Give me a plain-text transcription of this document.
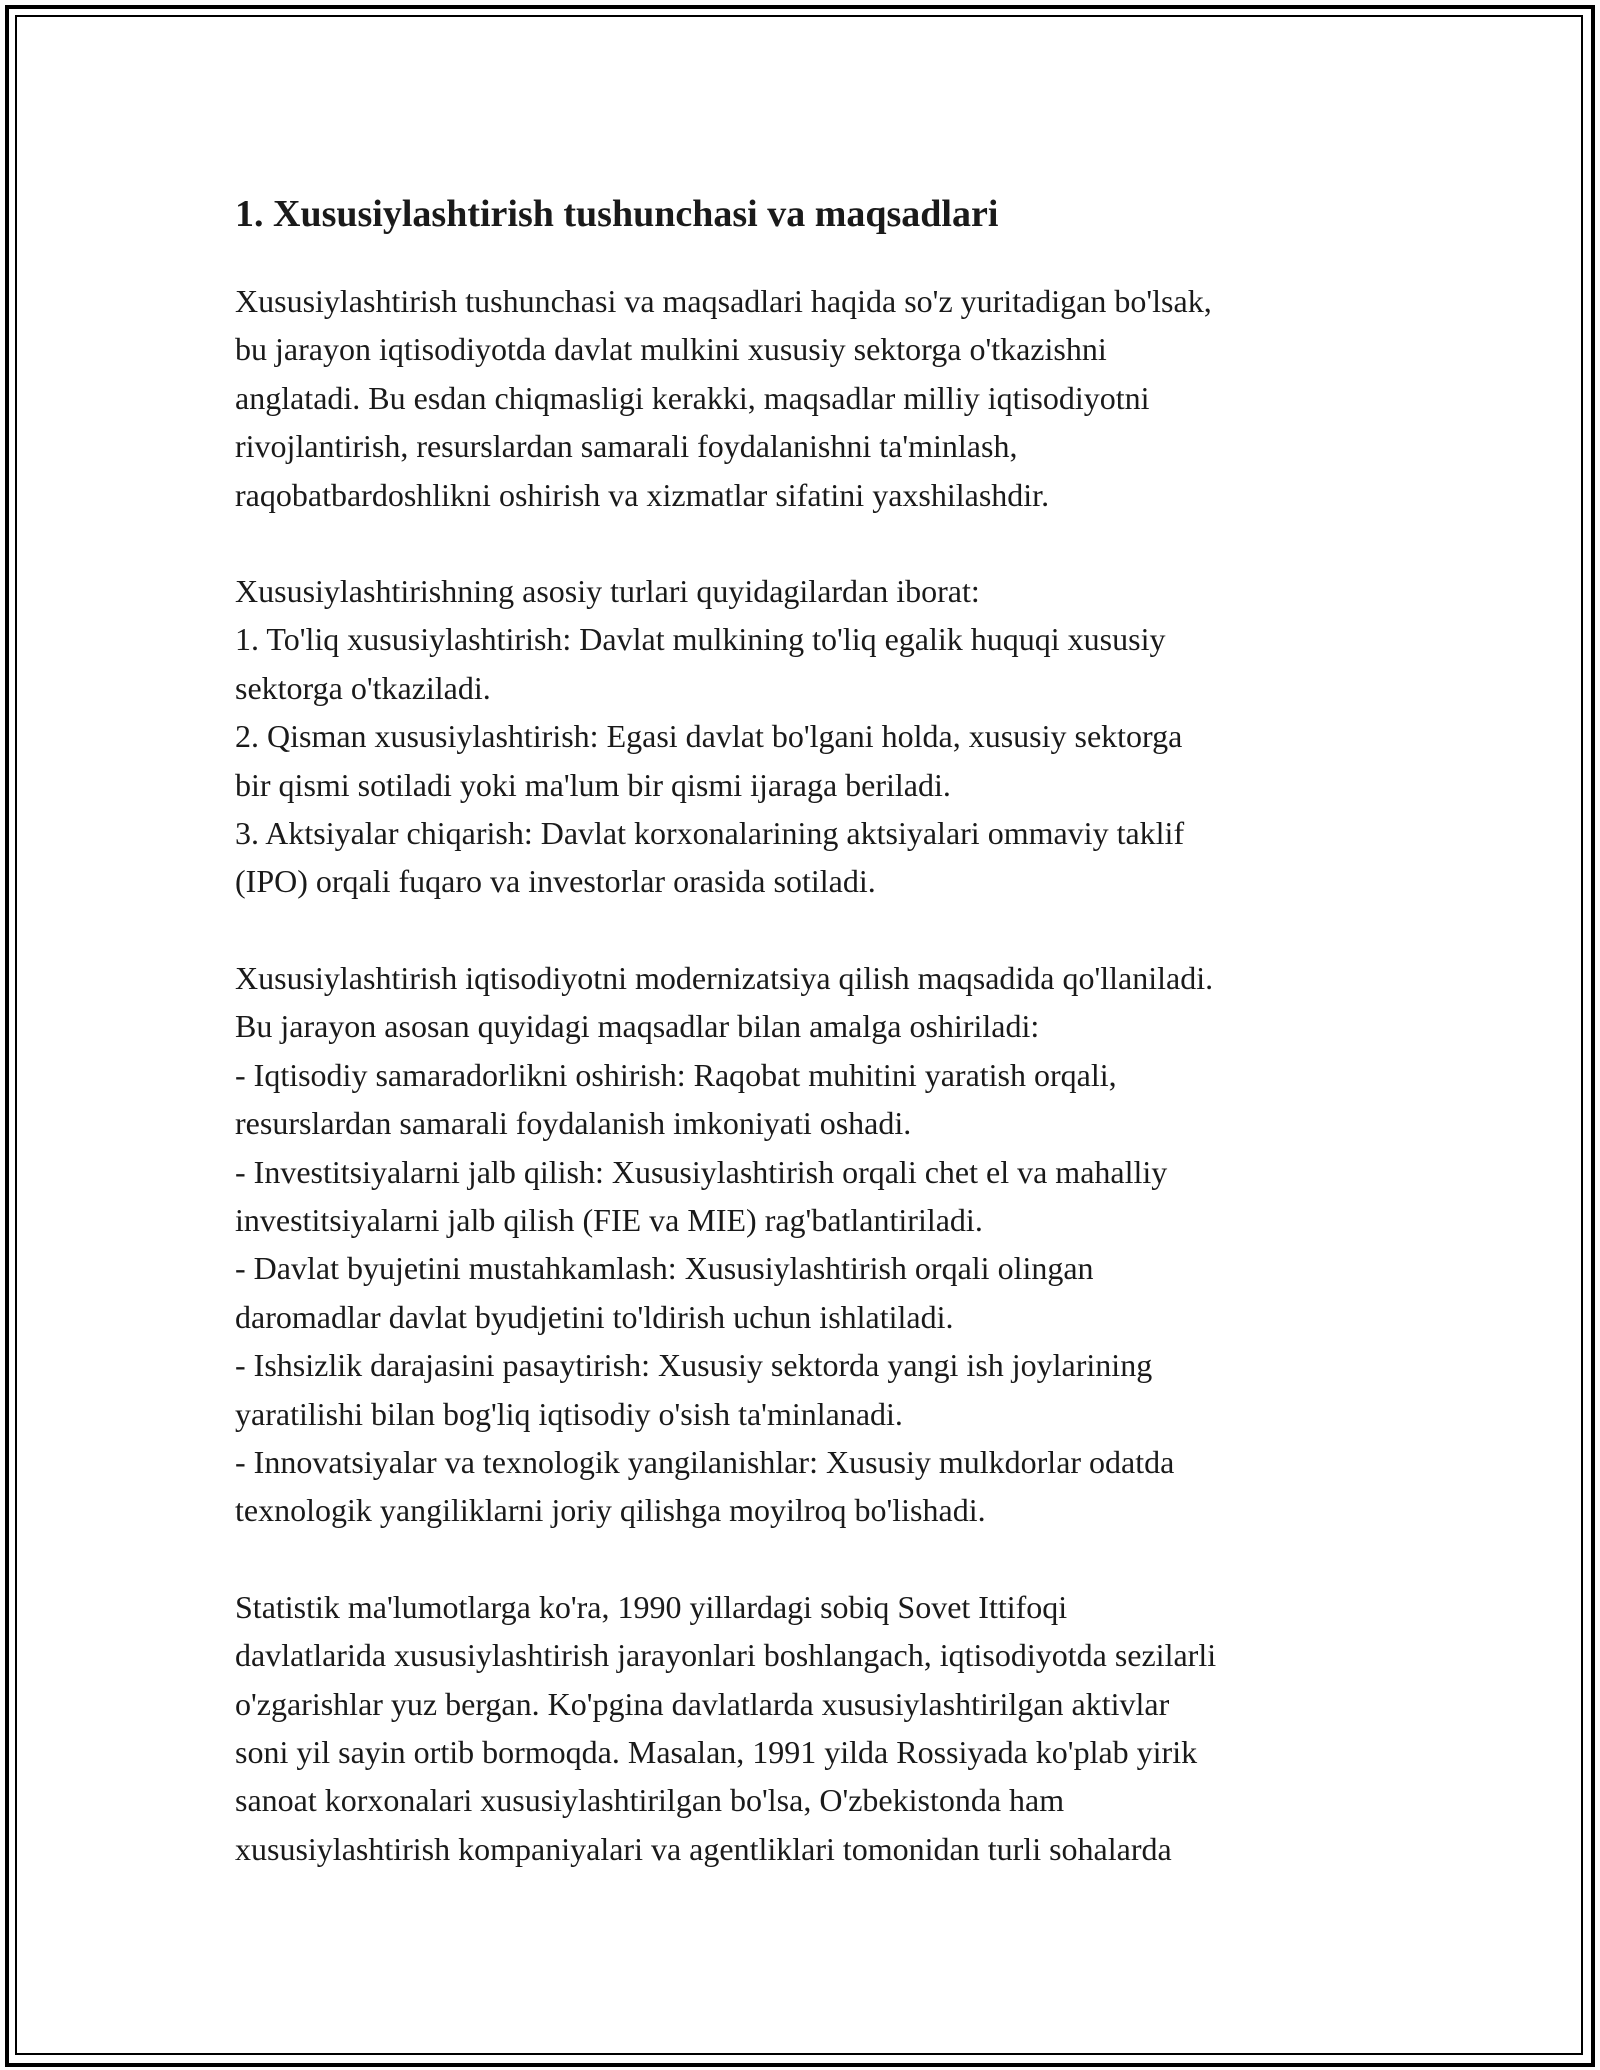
1. Xususiylashtirish tushunchasi va maqsadlari
Xususiylashtirish tushunchasi va maqsadlari haqida so'z yuritadigan bo'lsak,
bu jarayon iqtisodiyotda davlat mulkini xususiy sektorga o'tkazishni
anglatadi. Bu esdan chiqmasligi kerakki, maqsadlar milliy iqtisodiyotni
rivojlantirish, resurslardan samarali foydalanishni ta'minlash,
raqobatbardoshlikni oshirish va xizmatlar sifatini yaxshilashdir.
Xususiylashtirishning asosiy turlari quyidagilardan iborat:
1. To'liq xususiylashtirish: Davlat mulkining to'liq egalik huquqi xususiy
sektorga o'tkaziladi.
2. Qisman xususiylashtirish: Egasi davlat bo'lgani holda, xususiy sektorga
bir qismi sotiladi yoki ma'lum bir qismi ijaraga beriladi.
3. Aktsiyalar chiqarish: Davlat korxonalarining aktsiyalari ommaviy taklif
(IPO) orqali fuqaro va investorlar orasida sotiladi.
Xususiylashtirish iqtisodiyotni modernizatsiya qilish maqsadida qo'llaniladi.
Bu jarayon asosan quyidagi maqsadlar bilan amalga oshiriladi:
- Iqtisodiy samaradorlikni oshirish: Raqobat muhitini yaratish orqali,
resurslardan samarali foydalanish imkoniyati oshadi.
- Investitsiyalarni jalb qilish: Xususiylashtirish orqali chet el va mahalliy
investitsiyalarni jalb qilish (FIE va MIE) rag'batlantiriladi.
- Davlat byujetini mustahkamlash: Xususiylashtirish orqali olingan
daromadlar davlat byudjetini to'ldirish uchun ishlatiladi.
- Ishsizlik darajasini pasaytirish: Xususiy sektorda yangi ish joylarining
yaratilishi bilan bog'liq iqtisodiy o'sish ta'minlanadi.
- Innovatsiyalar va texnologik yangilanishlar: Xususiy mulkdorlar odatda
texnologik yangiliklarni joriy qilishga moyilroq bo'lishadi.
Statistik ma'lumotlarga ko'ra, 1990 yillardagi sobiq Sovet Ittifoqi
davlatlarida xususiylashtirish jarayonlari boshlangach, iqtisodiyotda sezilarli
o'zgarishlar yuz bergan. Ko'pgina davlatlarda xususiylashtirilgan aktivlar
soni yil sayin ortib bormoqda. Masalan, 1991 yilda Rossiyada ko'plab yirik
sanoat korxonalari xususiylashtirilgan bo'lsa, O'zbekistonda ham
xususiylashtirish kompaniyalari va agentliklari tomonidan turli sohalarda
